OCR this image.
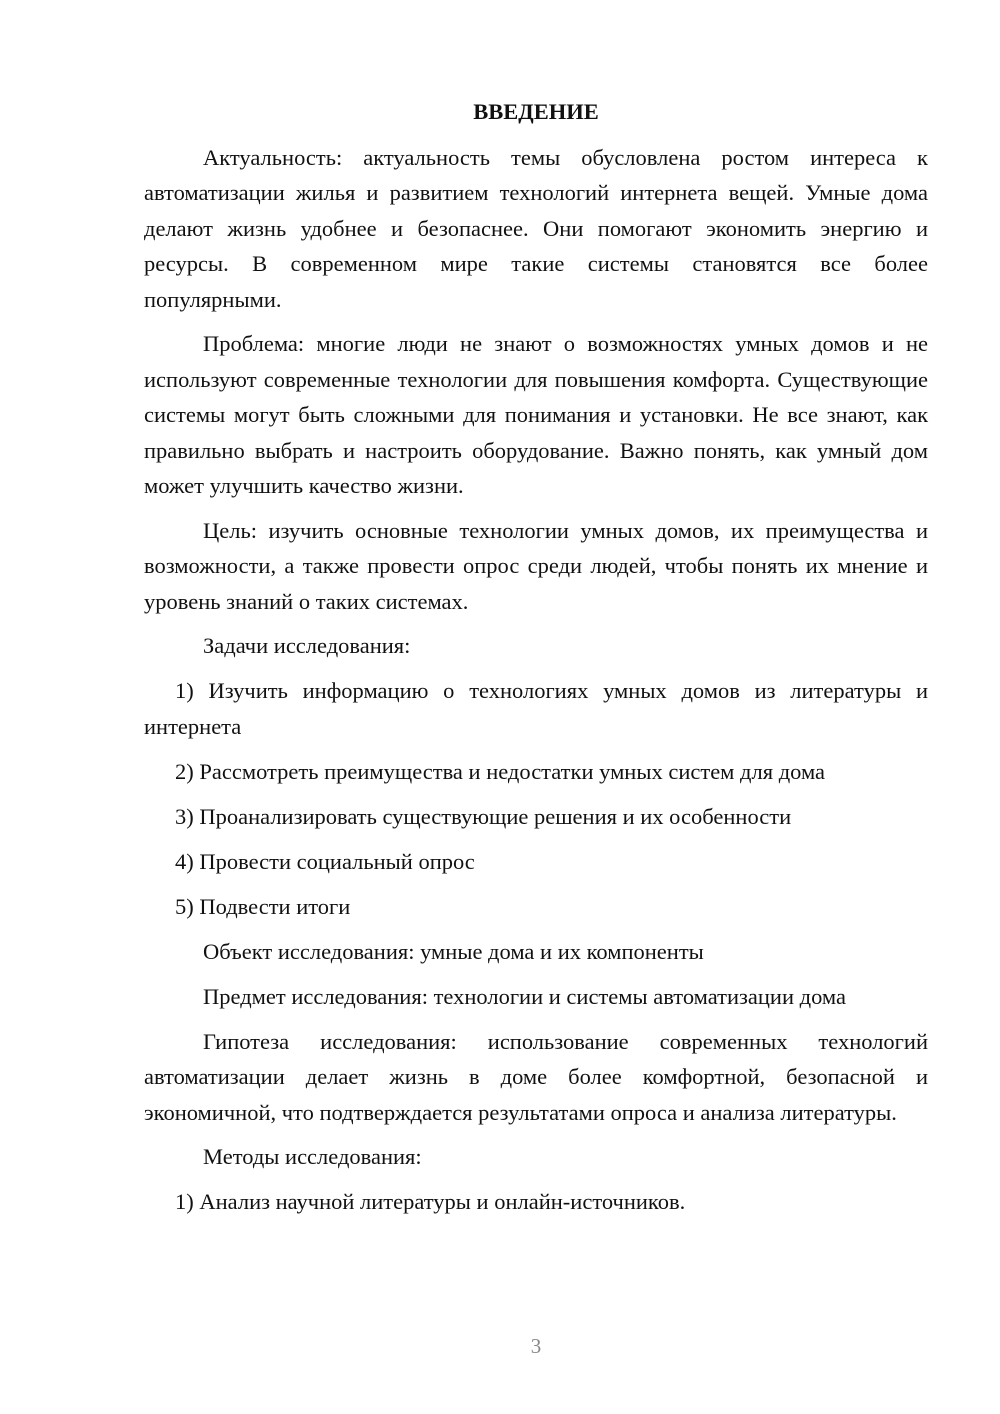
ВВЕДЕНИЕ

Актуальность: актуальность темы обусловлена ростом интереса к автоматизации жилья и развитием технологий интернета вещей. Умные дома делают жизнь удобнее и безопаснее. Они помогают экономить энергию и ресурсы. В современном мире такие системы становятся все более популярными.

Проблема: многие люди не знают о возможностях умных домов и не используют современные технологии для повышения комфорта. Существующие системы могут быть сложными для понимания и установки. Не все знают, как правильно выбрать и настроить оборудование. Важно понять, как умный дом может улучшить качество жизни.

Цель: изучить основные технологии умных домов, их преимущества и возможности, а также провести опрос среди людей, чтобы понять их мнение и уровень знаний о таких системах.

Задачи исследования:
1) Изучить информацию о технологиях умных домов из литературы и интернета
2) Рассмотреть преимущества и недостатки умных систем для дома
3) Проанализировать существующие решения и их особенности
4) Провести социальный опрос
5) Подвести итоги
Объект исследования: умные дома и их компоненты
Предмет исследования: технологии и системы автоматизации дома

Гипотеза исследования: использование современных технологий автоматизации делает жизнь в доме более комфортной, безопасной и экономичной, что подтверждается результатами опроса и анализа литературы.

Методы исследования:
1) Анализ научной литературы и онлайн-источников.
3
